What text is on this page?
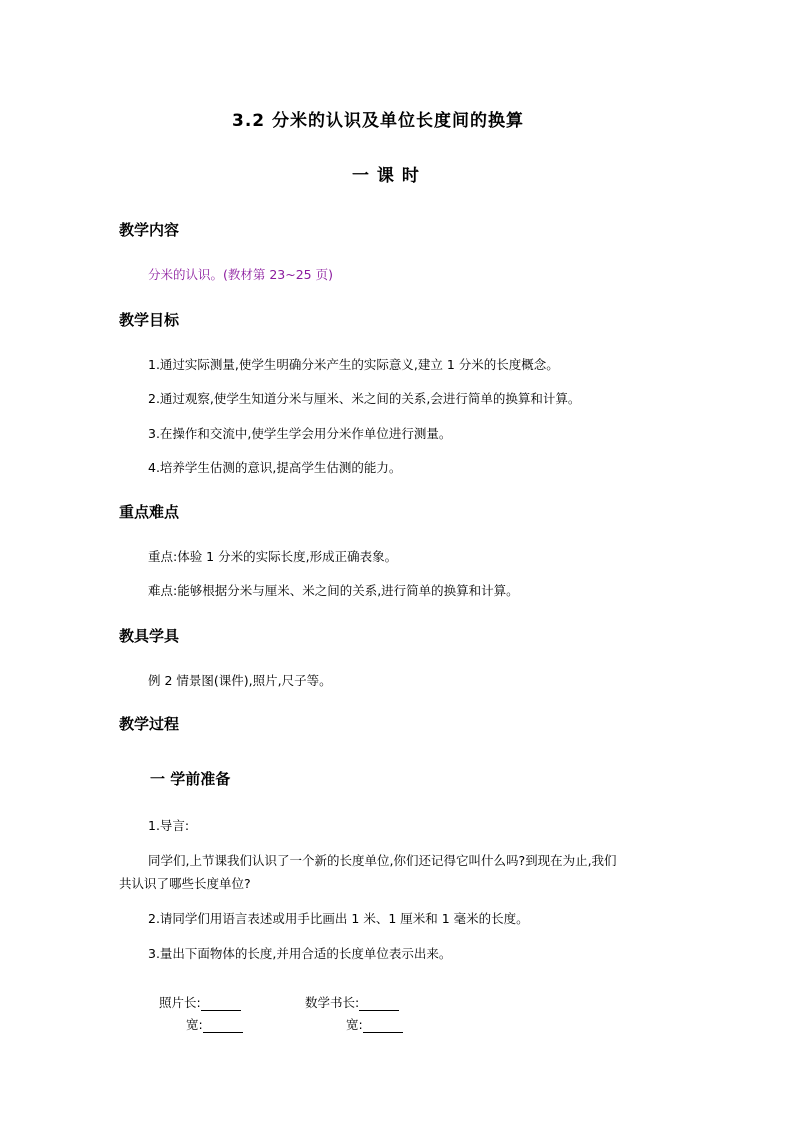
3.2 分米的认识及单位长度间的换算
一 课 时
教学内容
分米的认识。(教材第 23~25 页)
教学目标
1.通过实际测量,使学生明确分米产生的实际意义,建立 1 分米的长度概念。
2.通过观察,使学生知道分米与厘米、米之间的关系,会进行简单的换算和计算。
3.在操作和交流中,使学生学会用分米作单位进行测量。
4.培养学生估测的意识,提高学生估测的能力。
重点难点
重点:体验 1 分米的实际长度,形成正确表象。
难点:能够根据分米与厘米、米之间的关系,进行简单的换算和计算。
教具学具
例 2 情景图(课件),照片,尺子等。
教学过程
一 学前准备
1.导言:
同学们,上节课我们认识了一个新的长度单位,你们还记得它叫什么吗?到现在为止,我们
共认识了哪些长度单位?
2.请同学们用语言表述或用手比画出 1 米、1 厘米和 1 毫米的长度。
3.量出下面物体的长度,并用合适的长度单位表示出来。
照片长:
宽:
数学书长:
宽:
